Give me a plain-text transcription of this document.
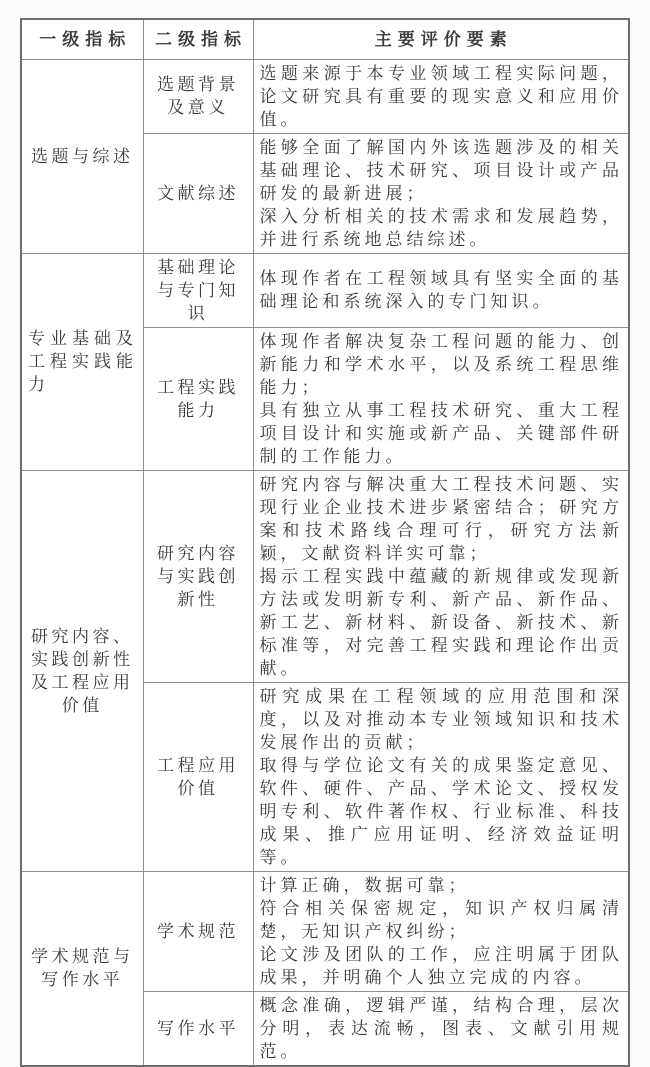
一级指标	二级指标	主要评价要素
选题与综述	选题背景及意义	选题来源于本专业领域工程实际问题，论文研究具有重要的现实意义和应用价值。

	文献综述	能够全面了解国内外该选题涉及的相关基础理论、技术研究、项目设计或产品研发的最新进展；

深入分析相关的技术需求和发展趋势，并进行系统地总结综述。

专业基础及工程实践能力	基础理论与专门知识	体现作者在工程领域具有坚实全面的基础理论和系统深入的专门知识。

	工程实践能力	体现作者解决复杂工程问题的能力、创新能力和学术水平，以及系统工程思维能力；

具有独立从事工程技术研究、重大工程项目设计和实施或新产品、关键部件研制的工作能力。

研究内容、实践创新性及工程应用价值	研究内容与实践创新性	研究内容与解决重大工程技术问题、实现行业企业技术进步紧密结合；研究方案和技术路线合理可行，研究方法新颖，文献资料详实可靠；

揭示工程实践中蕴藏的新规律或发现新方法或发明新专利、新产品、新作品、新工艺、新材料、新设备、新技术、新标准等，对完善工程实践和理论作出贡献。

	工程应用价值	研究成果在工程领域的应用范围和深度，以及对推动本专业领域知识和技术发展作出的贡献；

取得与学位论文有关的成果鉴定意见、软件、硬件、产品、学术论文、授权发明专利、软件著作权、行业标准、科技成果、推广应用证明、经济效益证明等。

学术规范与写作水平	学术规范	计算正确，数据可靠；

符合相关保密规定，知识产权归属清楚，无知识产权纠纷；

论文涉及团队的工作，应注明属于团队成果，并明确个人独立完成的内容。

	写作水平	概念准确，逻辑严谨，结构合理，层次分明，表达流畅，图表、文献引用规范。
